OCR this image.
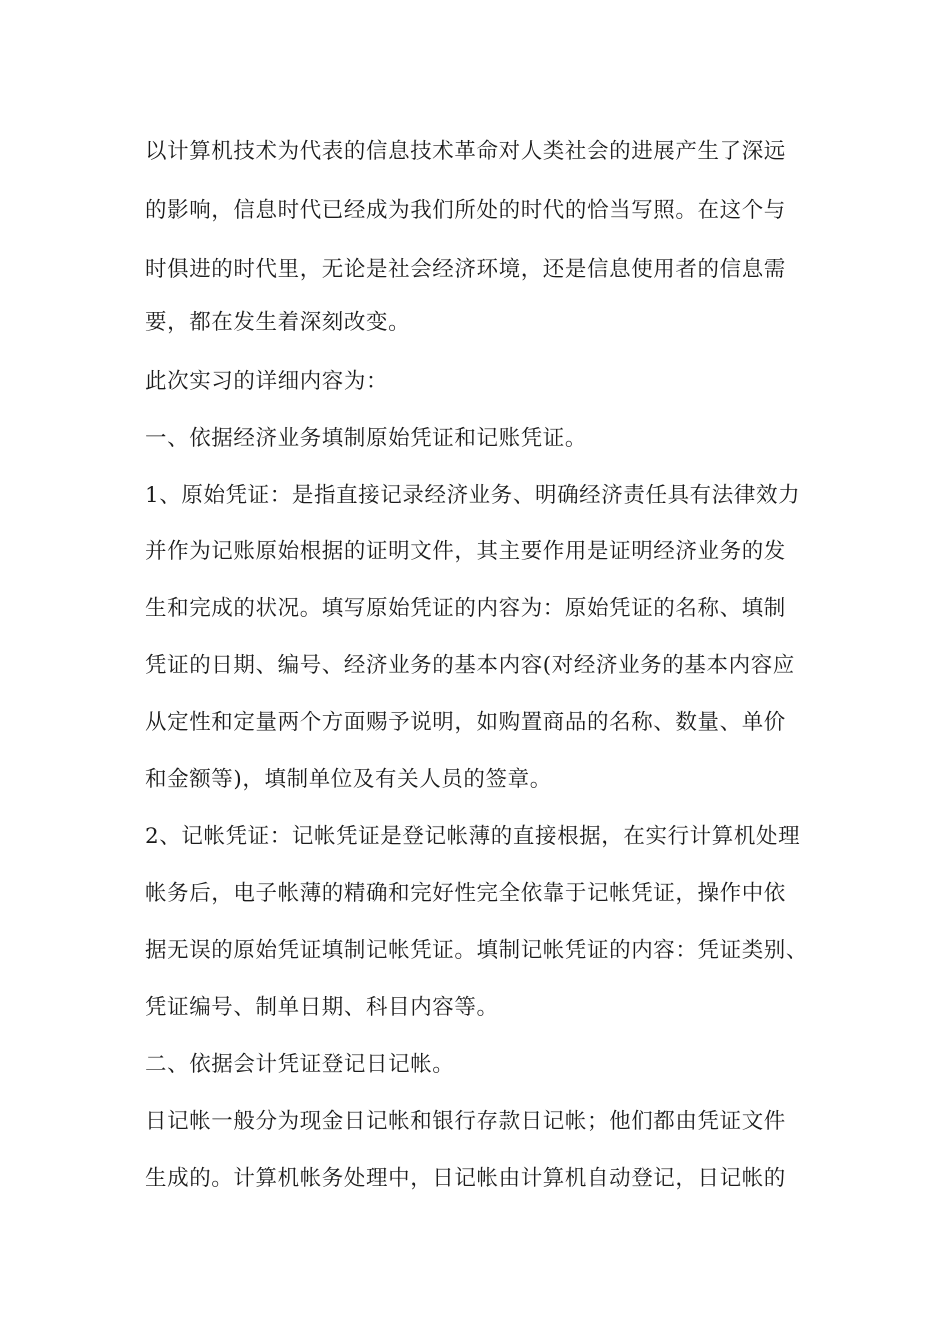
以计算机技术为代表的信息技术革命对人类社会的进展产生了深远
的影响，信息时代已经成为我们所处的时代的恰当写照。在这个与
时俱进的时代里，无论是社会经济环境，还是信息使用者的信息需
要，都在发生着深刻改变。
此次实习的详细内容为：
一、依据经济业务填制原始凭证和记账凭证。
1、原始凭证：是指直接记录经济业务、明确经济责任具有法律效力
并作为记账原始根据的证明文件，其主要作用是证明经济业务的发
生和完成的状况。填写原始凭证的内容为：原始凭证的名称、填制
凭证的日期、编号、经济业务的基本内容(对经济业务的基本内容应
从定性和定量两个方面赐予说明，如购置商品的名称、数量、单价
和金额等)，填制单位及有关人员的签章。
2、记帐凭证：记帐凭证是登记帐薄的直接根据，在实行计算机处理
帐务后，电子帐薄的精确和完好性完全依靠于记帐凭证，操作中依
据无误的原始凭证填制记帐凭证。填制记帐凭证的内容：凭证类别、
凭证编号、制单日期、科目内容等。
二、依据会计凭证登记日记帐。
日记帐一般分为现金日记帐和银行存款日记帐；他们都由凭证文件
生成的。计算机帐务处理中，日记帐由计算机自动登记，日记帐的
